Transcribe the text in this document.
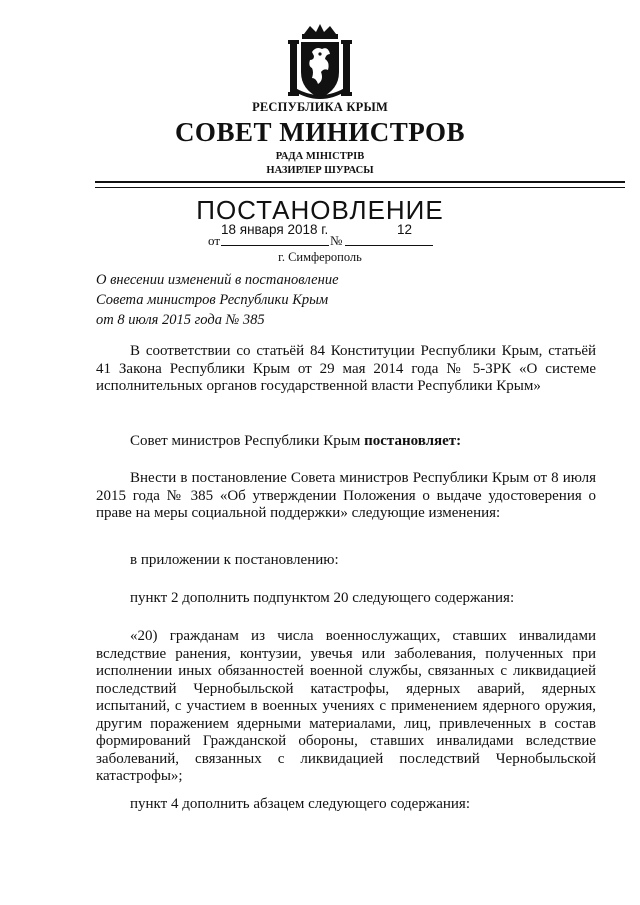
РЕСПУБЛИКА КРЫМ
СОВЕТ МИНИСТРОВ
РАДА МІНІСТРІВ
НАЗИРЛЕР ШУРАСЫ
ПОСТАНОВЛЕНИЕ
от
18 января 2018 г.
№
12
г. Симферополь
О внесении изменений в постановление
Совета министров Республики Крым
от 8 июля 2015 года № 385

В соответствии со статьёй 84 Конституции Республики Крым, статьёй 41 Закона Республики Крым от 29 мая 2014 года № 5-ЗРК «О системе исполнительных органов государственной власти Республики Крым»

Совет министров Республики Крым постановляет:

Внести в постановление Совета министров Республики Крым от 8 июля 2015 года № 385 «Об утверждении Положения о выдаче удостоверения о праве на меры социальной поддержки» следующие изменения:

в приложении к постановлению:

пункт 2 дополнить подпунктом 20 следующего содержания:

«20) гражданам из числа военнослужащих, ставших инвалидами вследствие ранения, контузии, увечья или заболевания, полученных при исполнении иных обязанностей военной службы, связанных с ликвидацией последствий Чернобыльской катастрофы, ядерных аварий, ядерных испытаний, с участием в военных учениях с применением ядерного оружия, другим поражением ядерными материалами, лиц, привлеченных в состав формирований Гражданской обороны, ставших инвалидами вследствие заболеваний, связанных с ликвидацией последствий Чернобыльской катастрофы»;

пункт 4 дополнить абзацем следующего содержания:
